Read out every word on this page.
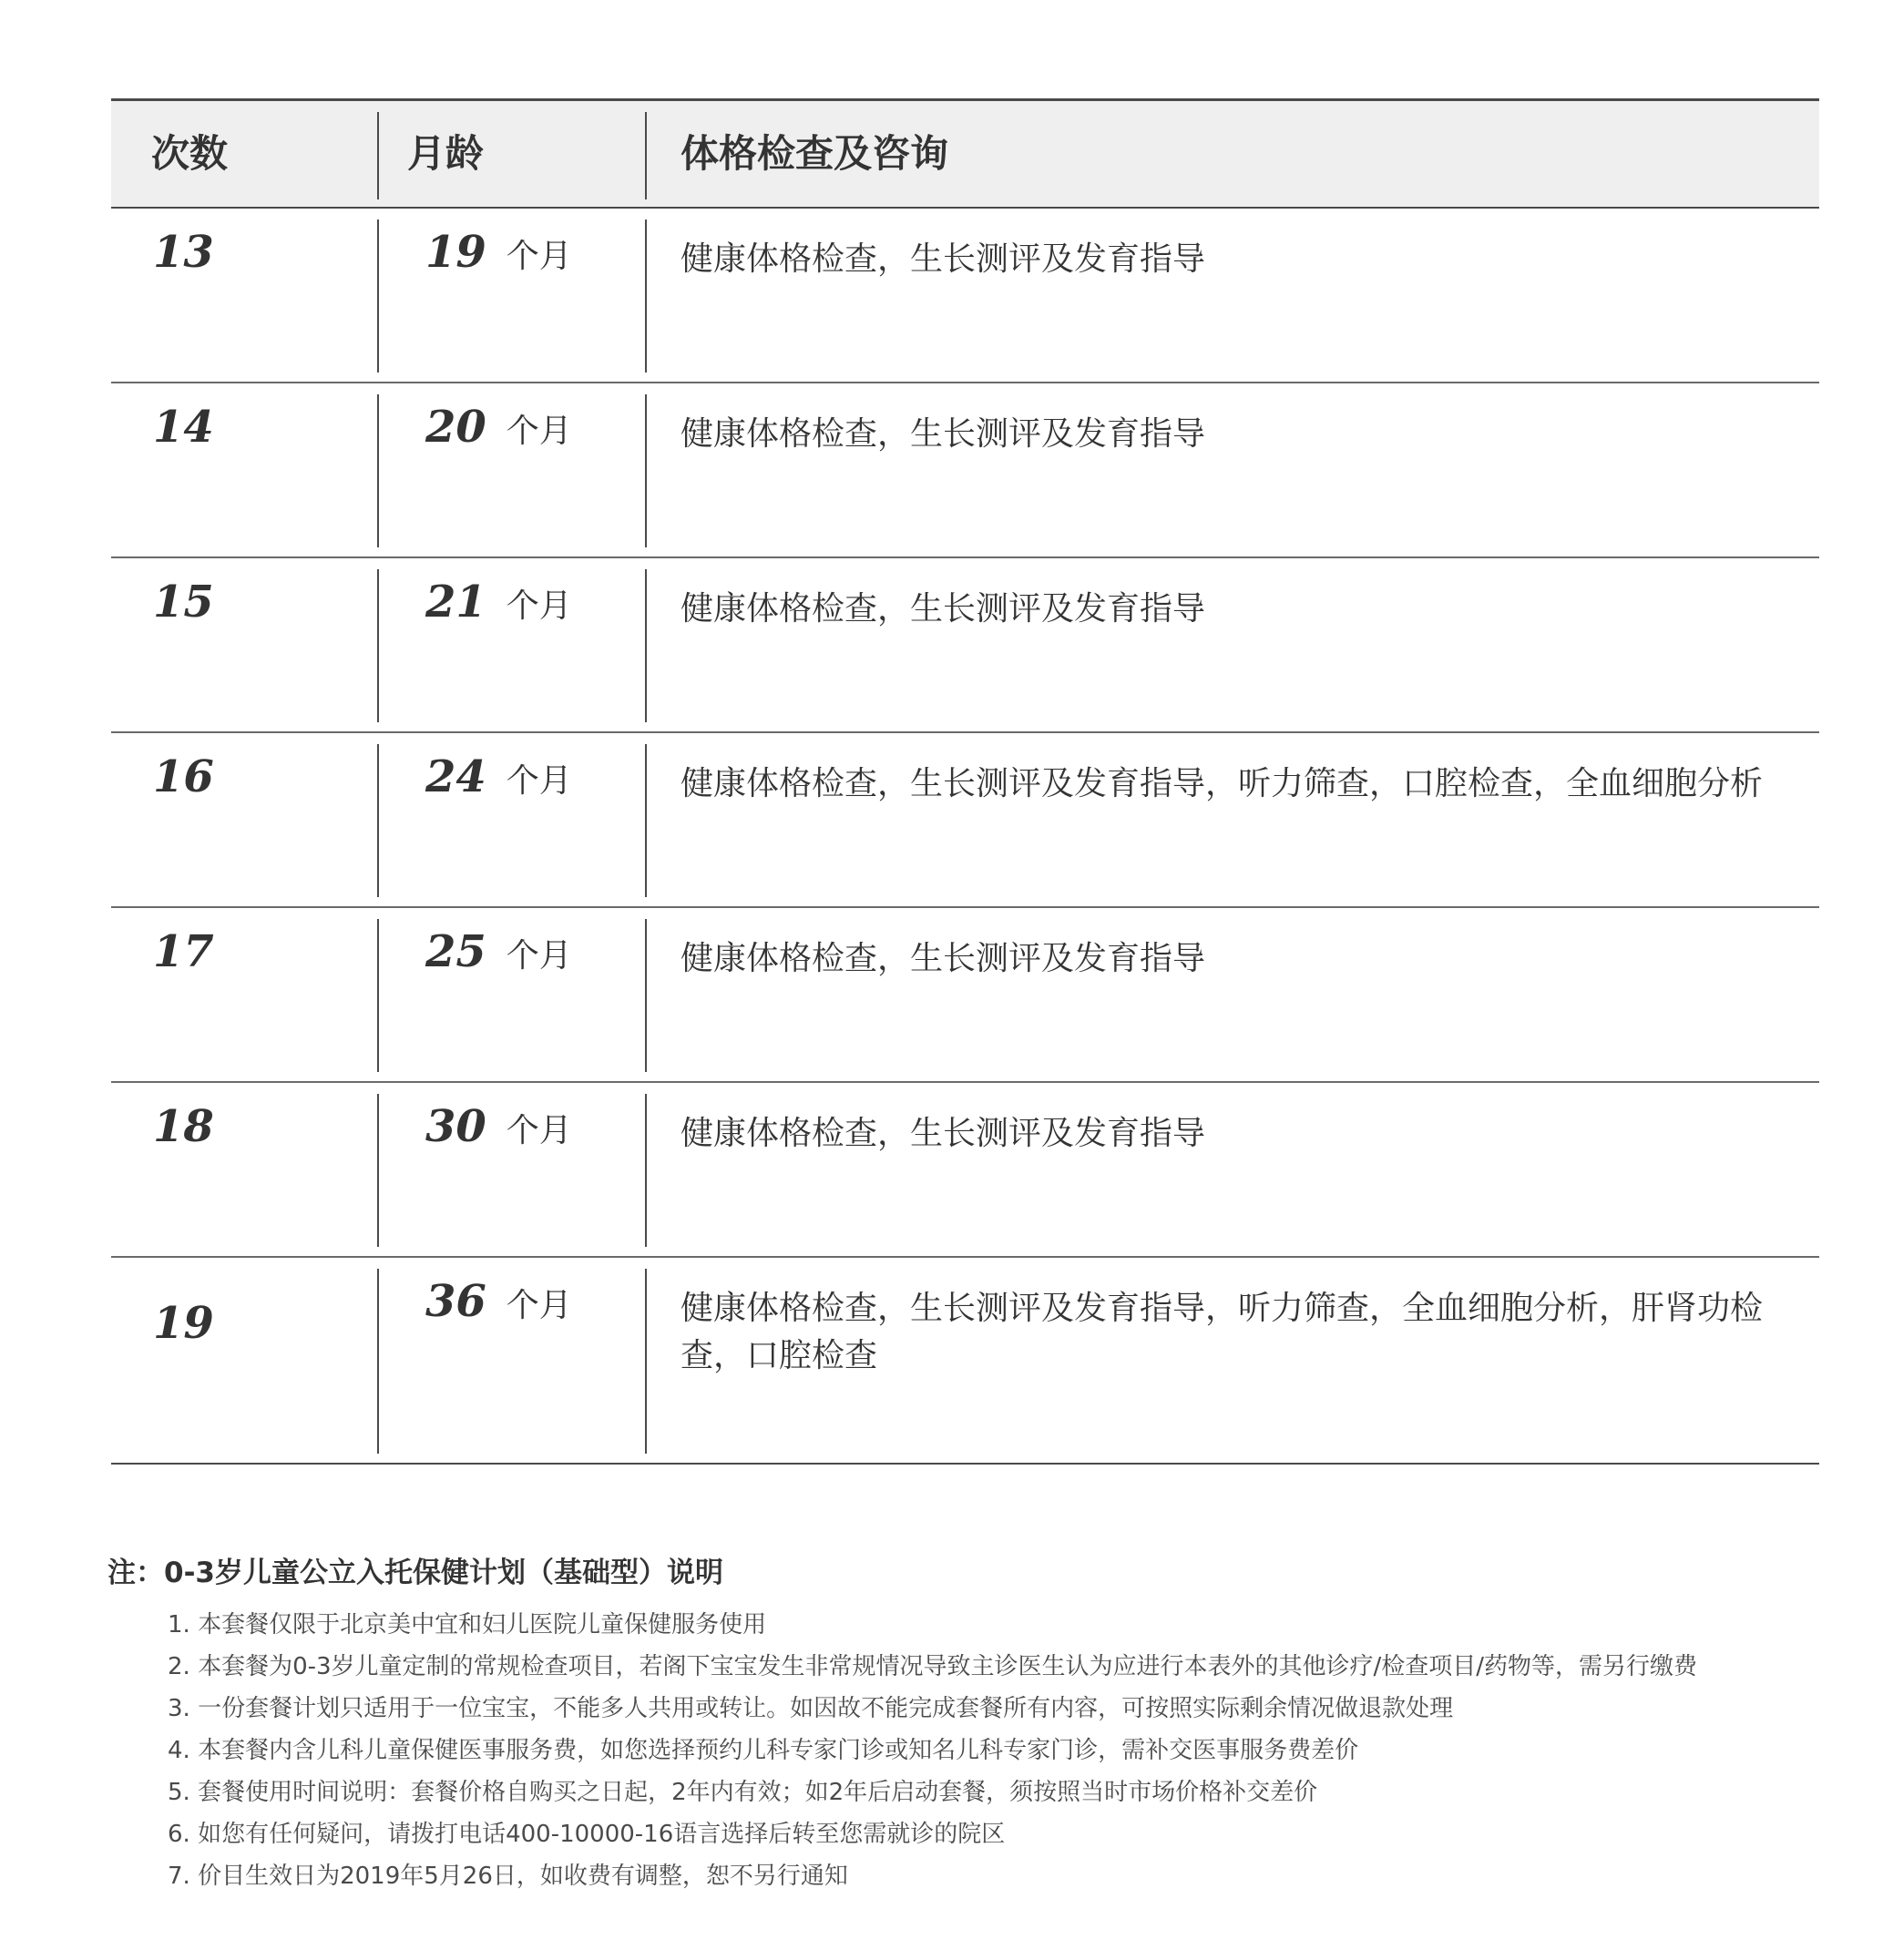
次数	月龄	体格检查及咨询
13	19 个月	健康体格检查，生长测评及发育指导
14	20 个月	健康体格检查，生长测评及发育指导
15	21 个月	健康体格检查，生长测评及发育指导
16	24 个月	健康体格检查，生长测评及发育指导，听力筛查，口腔检查，全血细胞分析
17	25 个月	健康体格检查，生长测评及发育指导
18	30 个月	健康体格检查，生长测评及发育指导
19	36 个月	健康体格检查，生长测评及发育指导，听力筛查，全血细胞分析，肝肾功检查，口腔检查
注：0-3岁儿童公立入托保健计划（基础型）说明
1. 本套餐仅限于北京美中宜和妇儿医院儿童保健服务使用
2. 本套餐为0-3岁儿童定制的常规检查项目，若阁下宝宝发生非常规情况导致主诊医生认为应进行本表外的其他诊疗/检查项目/药物等，需另行缴费
3. 一份套餐计划只适用于一位宝宝，不能多人共用或转让。如因故不能完成套餐所有内容，可按照实际剩余情况做退款处理
4. 本套餐内含儿科儿童保健医事服务费，如您选择预约儿科专家门诊或知名儿科专家门诊，需补交医事服务费差价
5. 套餐使用时间说明：套餐价格自购买之日起，2年内有效；如2年后启动套餐，须按照当时市场价格补交差价
6. 如您有任何疑问，请拨打电话400-10000-16语言选择后转至您需就诊的院区
7. 价目生效日为2019年5月26日，如收费有调整，恕不另行通知
